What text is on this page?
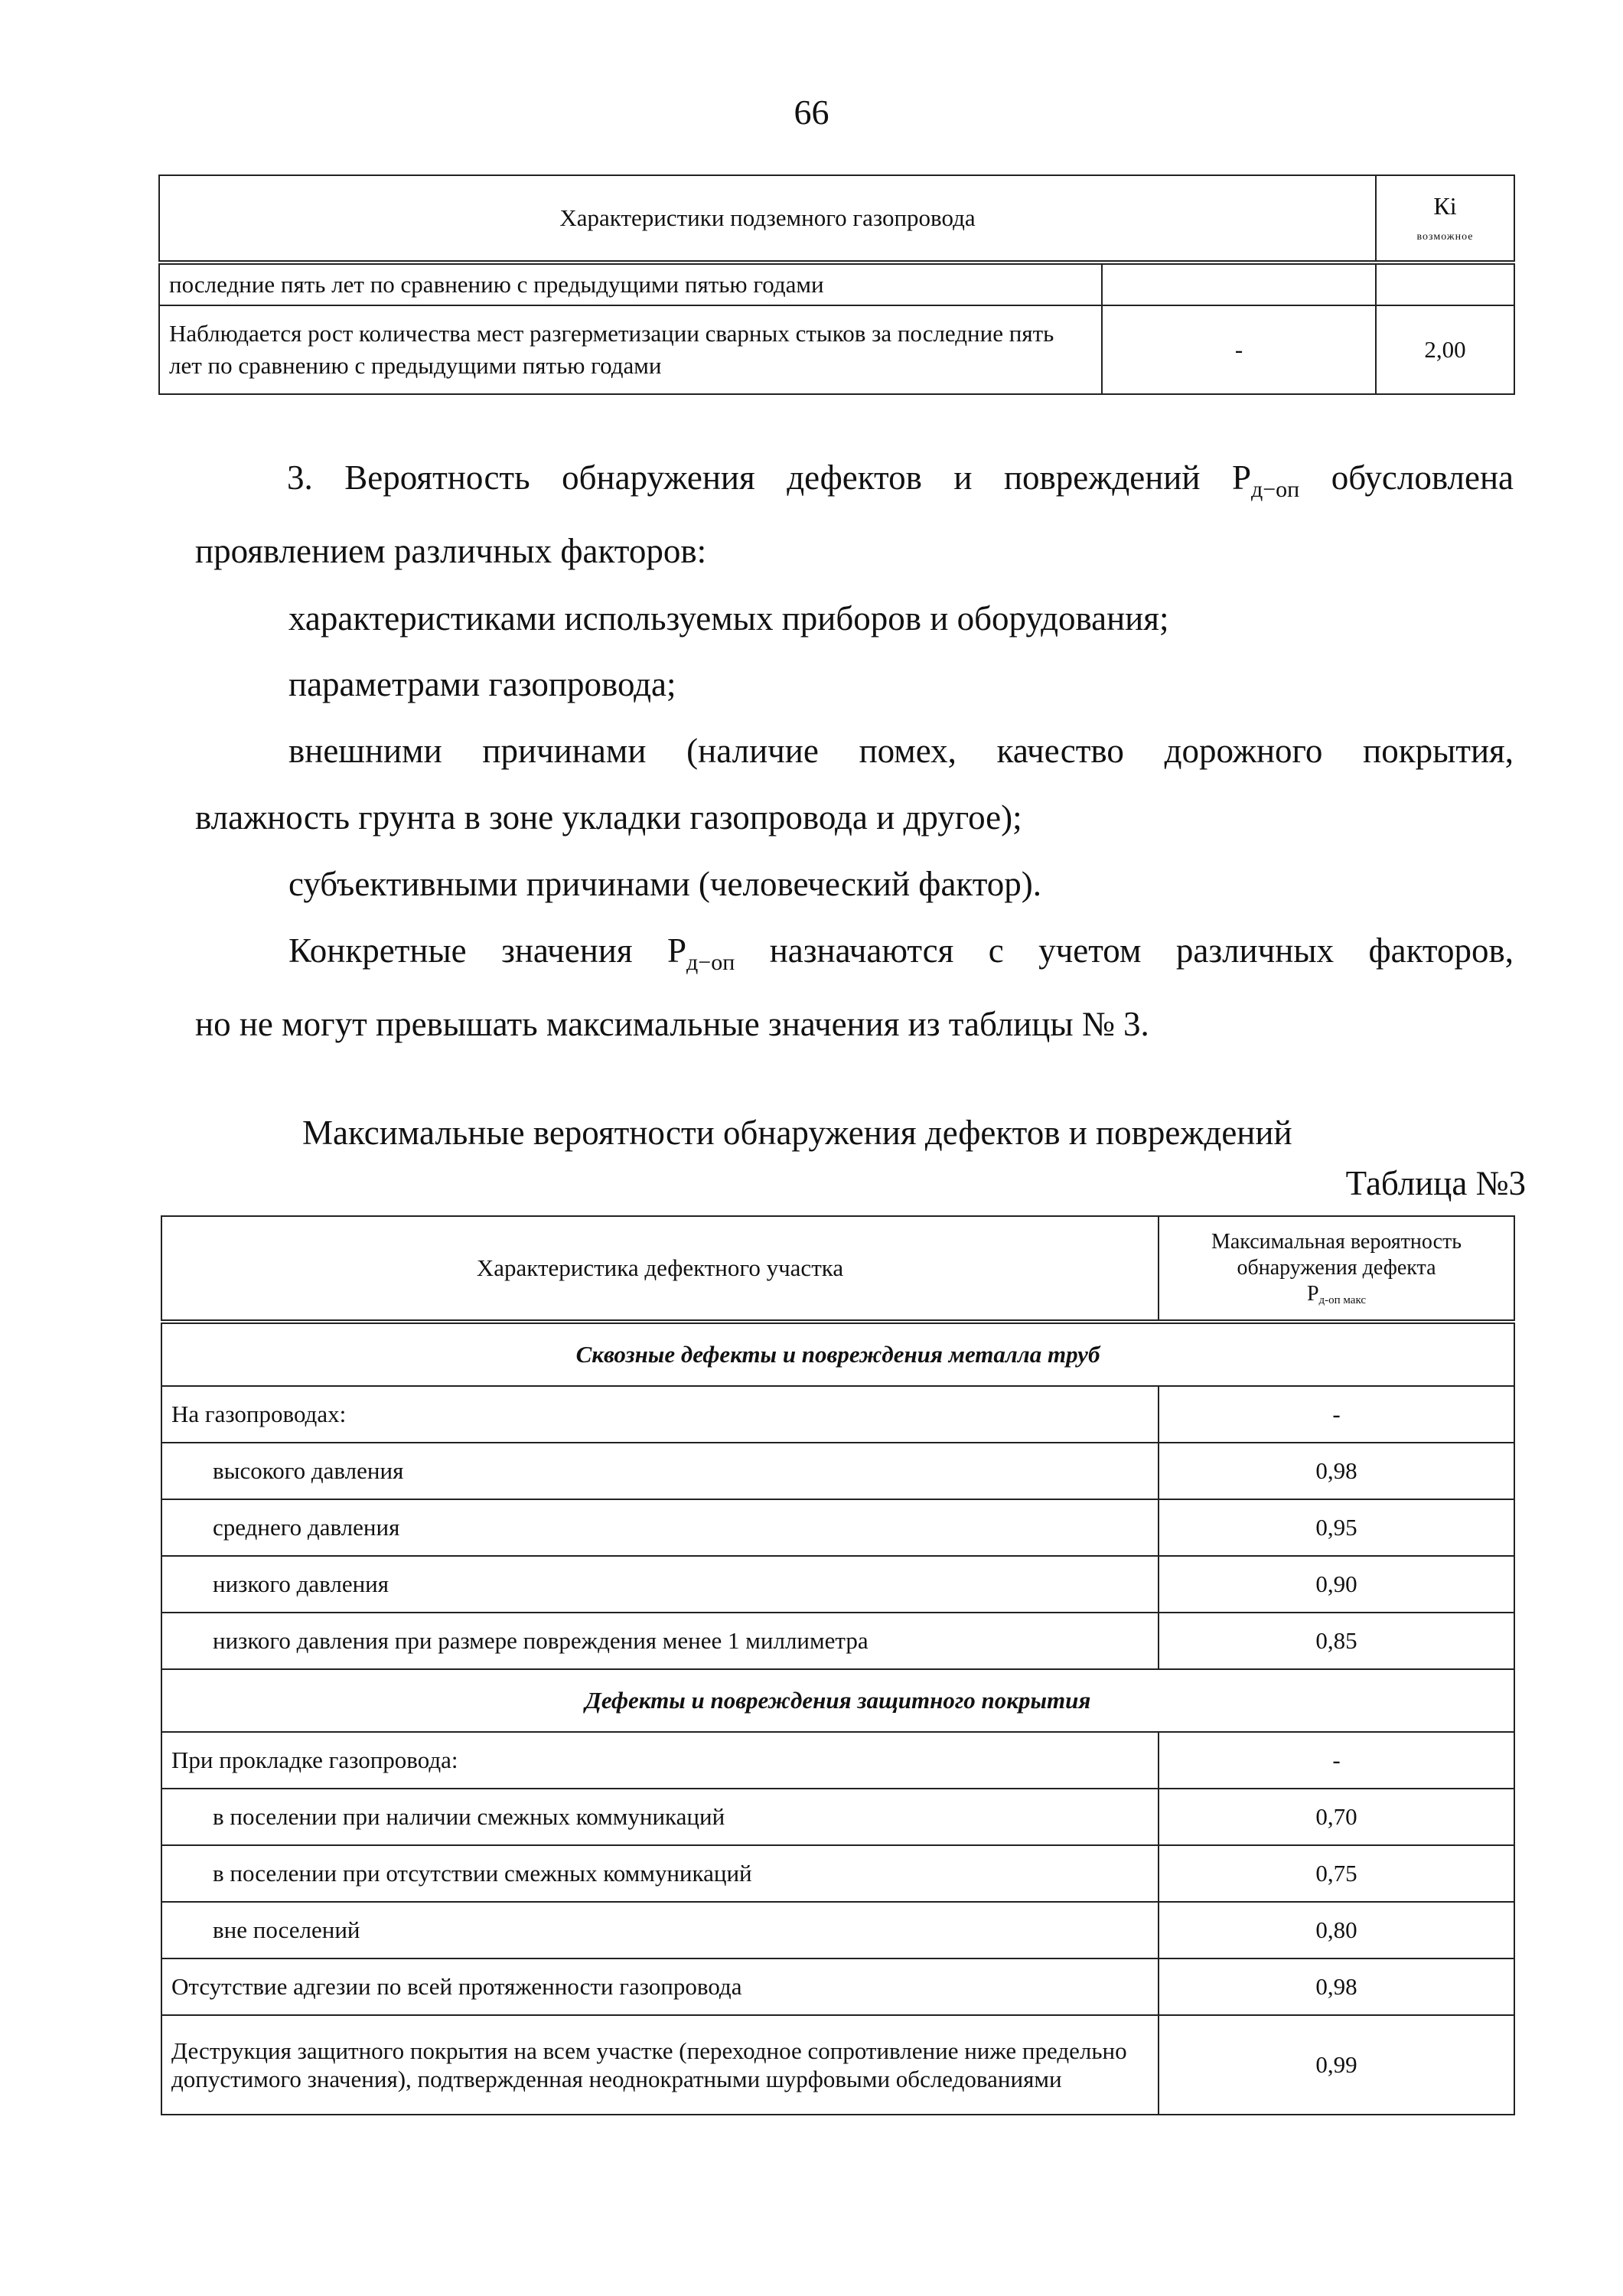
66
Характеристики подземного газопровода		Кi
возможное

последние пять лет по сравнению с предыдущими пятью годами		
Наблюдается рост количества мест разгерметизации сварных стыков за последние пять лет по сравнению с предыдущими пятью годами	-	2,00

3. Вероятность обнаружения дефектов и повреждений $Р_{д-оп}$ обусловлена

проявлением различных факторов:

характеристиками используемых приборов и оборудования;

параметрами газопровода;

внешними причинами (наличие помех, качество дорожного покрытия,

влажность грунта в зоне укладки газопровода и другое);

субъективными причинами (человеческий фактор).

Конкретные значения $Р_{д-оп}$ назначаются с учетом различных факторов,

но не могут превышать максимальные значения из таблицы № 3.

Максимальные вероятности обнаружения дефектов и повреждений
Таблица №3
Характеристика дефектного участка	Максимальная вероятность
обнаружения дефекта
Рд-оп макс

Сквозные дефекты и повреждения металла труб	
На газопроводах:	-
высокого давления	0,98
среднего давления	0,95
низкого давления	0,90
низкого давления при размере повреждения менее 1 миллиметра	0,85
Дефекты и повреждения защитного покрытия	
При прокладке газопровода:	-
в поселении при наличии смежных коммуникаций	0,70
в поселении при отсутствии смежных коммуникаций	0,75
вне поселений	0,80
Отсутствие адгезии по всей протяженности газопровода	0,98
Деструкция защитного покрытия на всем участке (переходное сопротивление ниже предельно допустимого значения), подтвержденная неоднократными шурфовыми обследованиями	0,99
